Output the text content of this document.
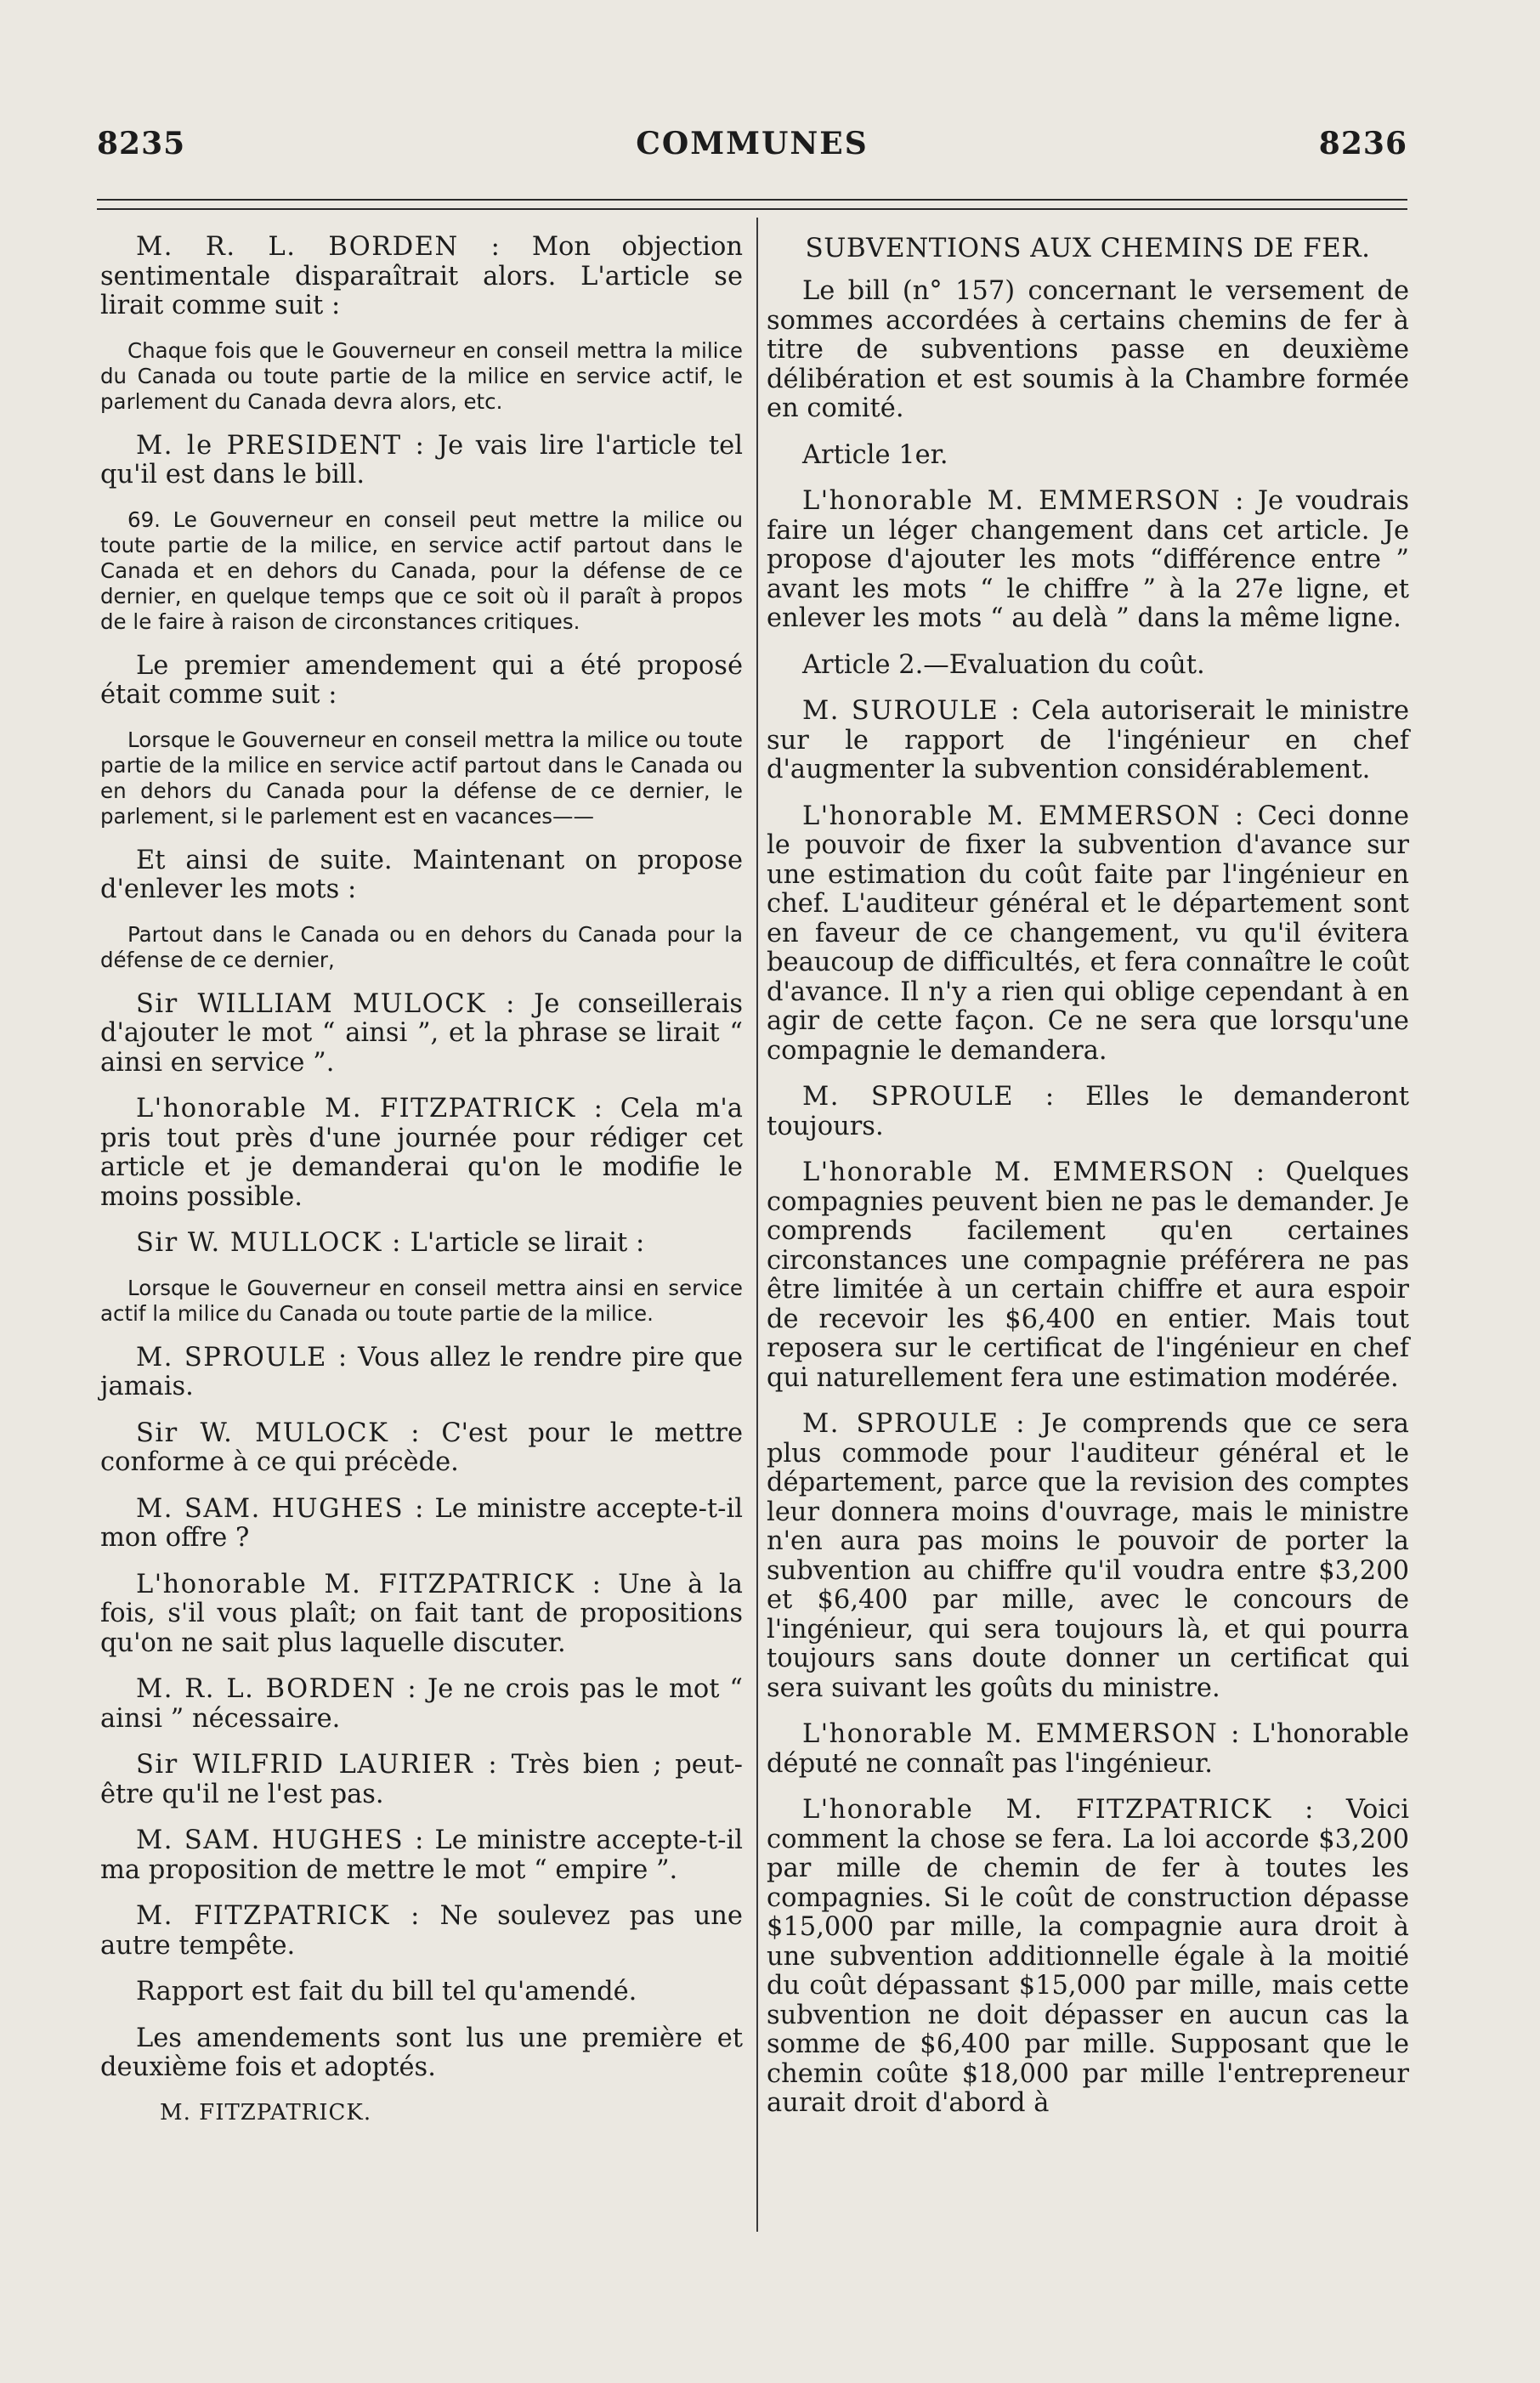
8235	COMMUNES	8236

M. R. L. BORDEN : Mon objection sentimentale disparaîtrait alors. L'article se lirait comme suit :

Chaque fois que le Gouverneur en conseil mettra la milice du Canada ou toute partie de la milice en service actif, le parlement du Canada devra alors, etc.

M. le PRESIDENT : Je vais lire l'article tel qu'il est dans le bill.

69. Le Gouverneur en conseil peut mettre la milice ou toute partie de la milice, en service actif partout dans le Canada et en dehors du Canada, pour la défense de ce dernier, en quelque temps que ce soit où il paraît à propos de le faire à raison de circonstances critiques.

Le premier amendement qui a été proposé était comme suit :

Lorsque le Gouverneur en conseil mettra la milice ou toute partie de la milice en service actif partout dans le Canada ou en dehors du Canada pour la défense de ce dernier, le parlement, si le parlement est en vacances——

Et ainsi de suite. Maintenant on propose d'enlever les mots :

Partout dans le Canada ou en dehors du Canada pour la défense de ce dernier,

Sir WILLIAM MULOCK : Je conseillerais d'ajouter le mot “ ainsi ”, et la phrase se lirait “ ainsi en service ”.

L'honorable M. FITZPATRICK : Cela m'a pris tout près d'une journée pour rédiger cet article et je demanderai qu'on le modifie le moins possible.

Sir W. MULLOCK : L'article se lirait :

Lorsque le Gouverneur en conseil mettra ainsi en service actif la milice du Canada ou toute partie de la milice.

M. SPROULE : Vous allez le rendre pire que jamais.

Sir W. MULOCK : C'est pour le mettre conforme à ce qui précède.

M. SAM. HUGHES : Le ministre accepte-t-il mon offre ?

L'honorable M. FITZPATRICK : Une à la fois, s'il vous plaît; on fait tant de propositions qu'on ne sait plus laquelle discuter.

M. R. L. BORDEN : Je ne crois pas le mot “ ainsi ” nécessaire.

Sir WILFRID LAURIER : Très bien ; peut-être qu'il ne l'est pas.

M. SAM. HUGHES : Le ministre accepte-t-il ma proposition de mettre le mot “ empire ”.

M. FITZPATRICK : Ne soulevez pas une autre tempête.

Rapport est fait du bill tel qu'amendé.

Les amendements sont lus une première et deuxième fois et adoptés.

M. FITZPATRICK.

SUBVENTIONS AUX CHEMINS DE FER.

Le bill (n° 157) concernant le versement de sommes accordées à certains chemins de fer à titre de subventions passe en deuxième délibération et est soumis à la Chambre formée en comité.

Article 1er.

L'honorable M. EMMERSON : Je voudrais faire un léger changement dans cet article. Je propose d'ajouter les mots “différence entre ” avant les mots “ le chiffre ” à la 27e ligne, et enlever les mots “ au delà ” dans la même ligne.

Article 2.—Evaluation du coût.

M. SUROULE : Cela autoriserait le ministre sur le rapport de l'ingénieur en chef d'augmenter la subvention considérablement.

L'honorable M. EMMERSON : Ceci donne le pouvoir de fixer la subvention d'avance sur une estimation du coût faite par l'ingénieur en chef. L'auditeur général et le département sont en faveur de ce changement, vu qu'il évitera beaucoup de difficultés, et fera connaître le coût d'avance. Il n'y a rien qui oblige cependant à en agir de cette façon. Ce ne sera que lorsqu'une compagnie le demandera.

M. SPROULE : Elles le demanderont toujours.

L'honorable M. EMMERSON : Quelques compagnies peuvent bien ne pas le demander. Je comprends facilement qu'en certaines circonstances une compagnie préférera ne pas être limitée à un certain chiffre et aura espoir de recevoir les $6,400 en entier. Mais tout reposera sur le certificat de l'ingénieur en chef qui naturellement fera une estimation modérée.

M. SPROULE : Je comprends que ce sera plus commode pour l'auditeur général et le département, parce que la revision des comptes leur donnera moins d'ouvrage, mais le ministre n'en aura pas moins le pouvoir de porter la subvention au chiffre qu'il voudra entre $3,200 et $6,400 par mille, avec le concours de l'ingénieur, qui sera toujours là, et qui pourra toujours sans doute donner un certificat qui sera suivant les goûts du ministre.

L'honorable M. EMMERSON : L'honorable député ne connaît pas l'ingénieur.

L'honorable M. FITZPATRICK : Voici comment la chose se fera. La loi accorde $3,200 par mille de chemin de fer à toutes les compagnies. Si le coût de construction dépasse $15,000 par mille, la compagnie aura droit à une subvention additionnelle égale à la moitié du coût dépassant $15,000 par mille, mais cette subvention ne doit dépasser en aucun cas la somme de $6,400 par mille. Supposant que le chemin coûte $18,000 par mille l'entrepreneur aurait droit d'abord à
